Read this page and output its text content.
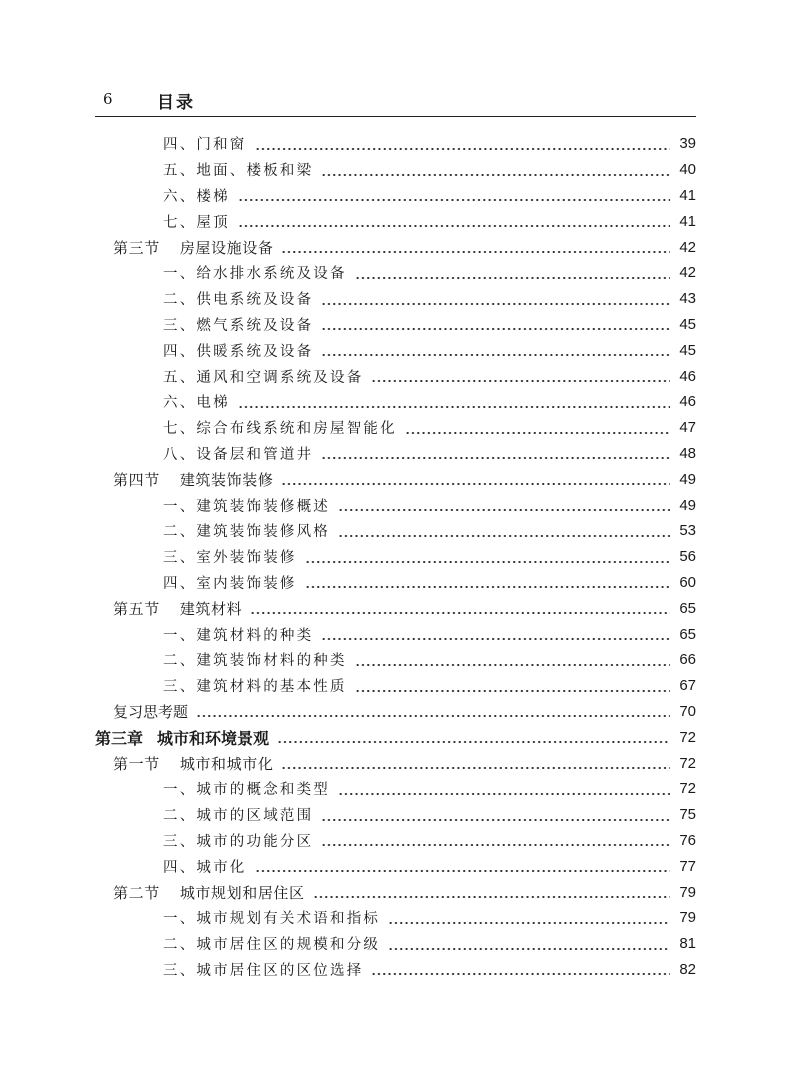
6	目录
四、门和窗	39
五、地面、楼板和梁	40
六、楼梯	41
七、屋顶	41
第三节 房屋设施设备	42
一、给水排水系统及设备	42
二、供电系统及设备	43
三、燃气系统及设备	45
四、供暖系统及设备	45
五、通风和空调系统及设备	46
六、电梯	46
七、综合布线系统和房屋智能化	47
八、设备层和管道井	48
第四节 建筑装饰装修	49
一、建筑装饰装修概述	49
二、建筑装饰装修风格	53
三、室外装饰装修	56
四、室内装饰装修	60
第五节 建筑材料	65
一、建筑材料的种类	65
二、建筑装饰材料的种类	66
三、建筑材料的基本性质	67
复习思考题	70
第三章 城市和环境景观	72
第一节 城市和城市化	72
一、城市的概念和类型	72
二、城市的区域范围	75
三、城市的功能分区	76
四、城市化	77
第二节 城市规划和居住区	79
一、城市规划有关术语和指标	79
二、城市居住区的规模和分级	81
三、城市居住区的区位选择	82
